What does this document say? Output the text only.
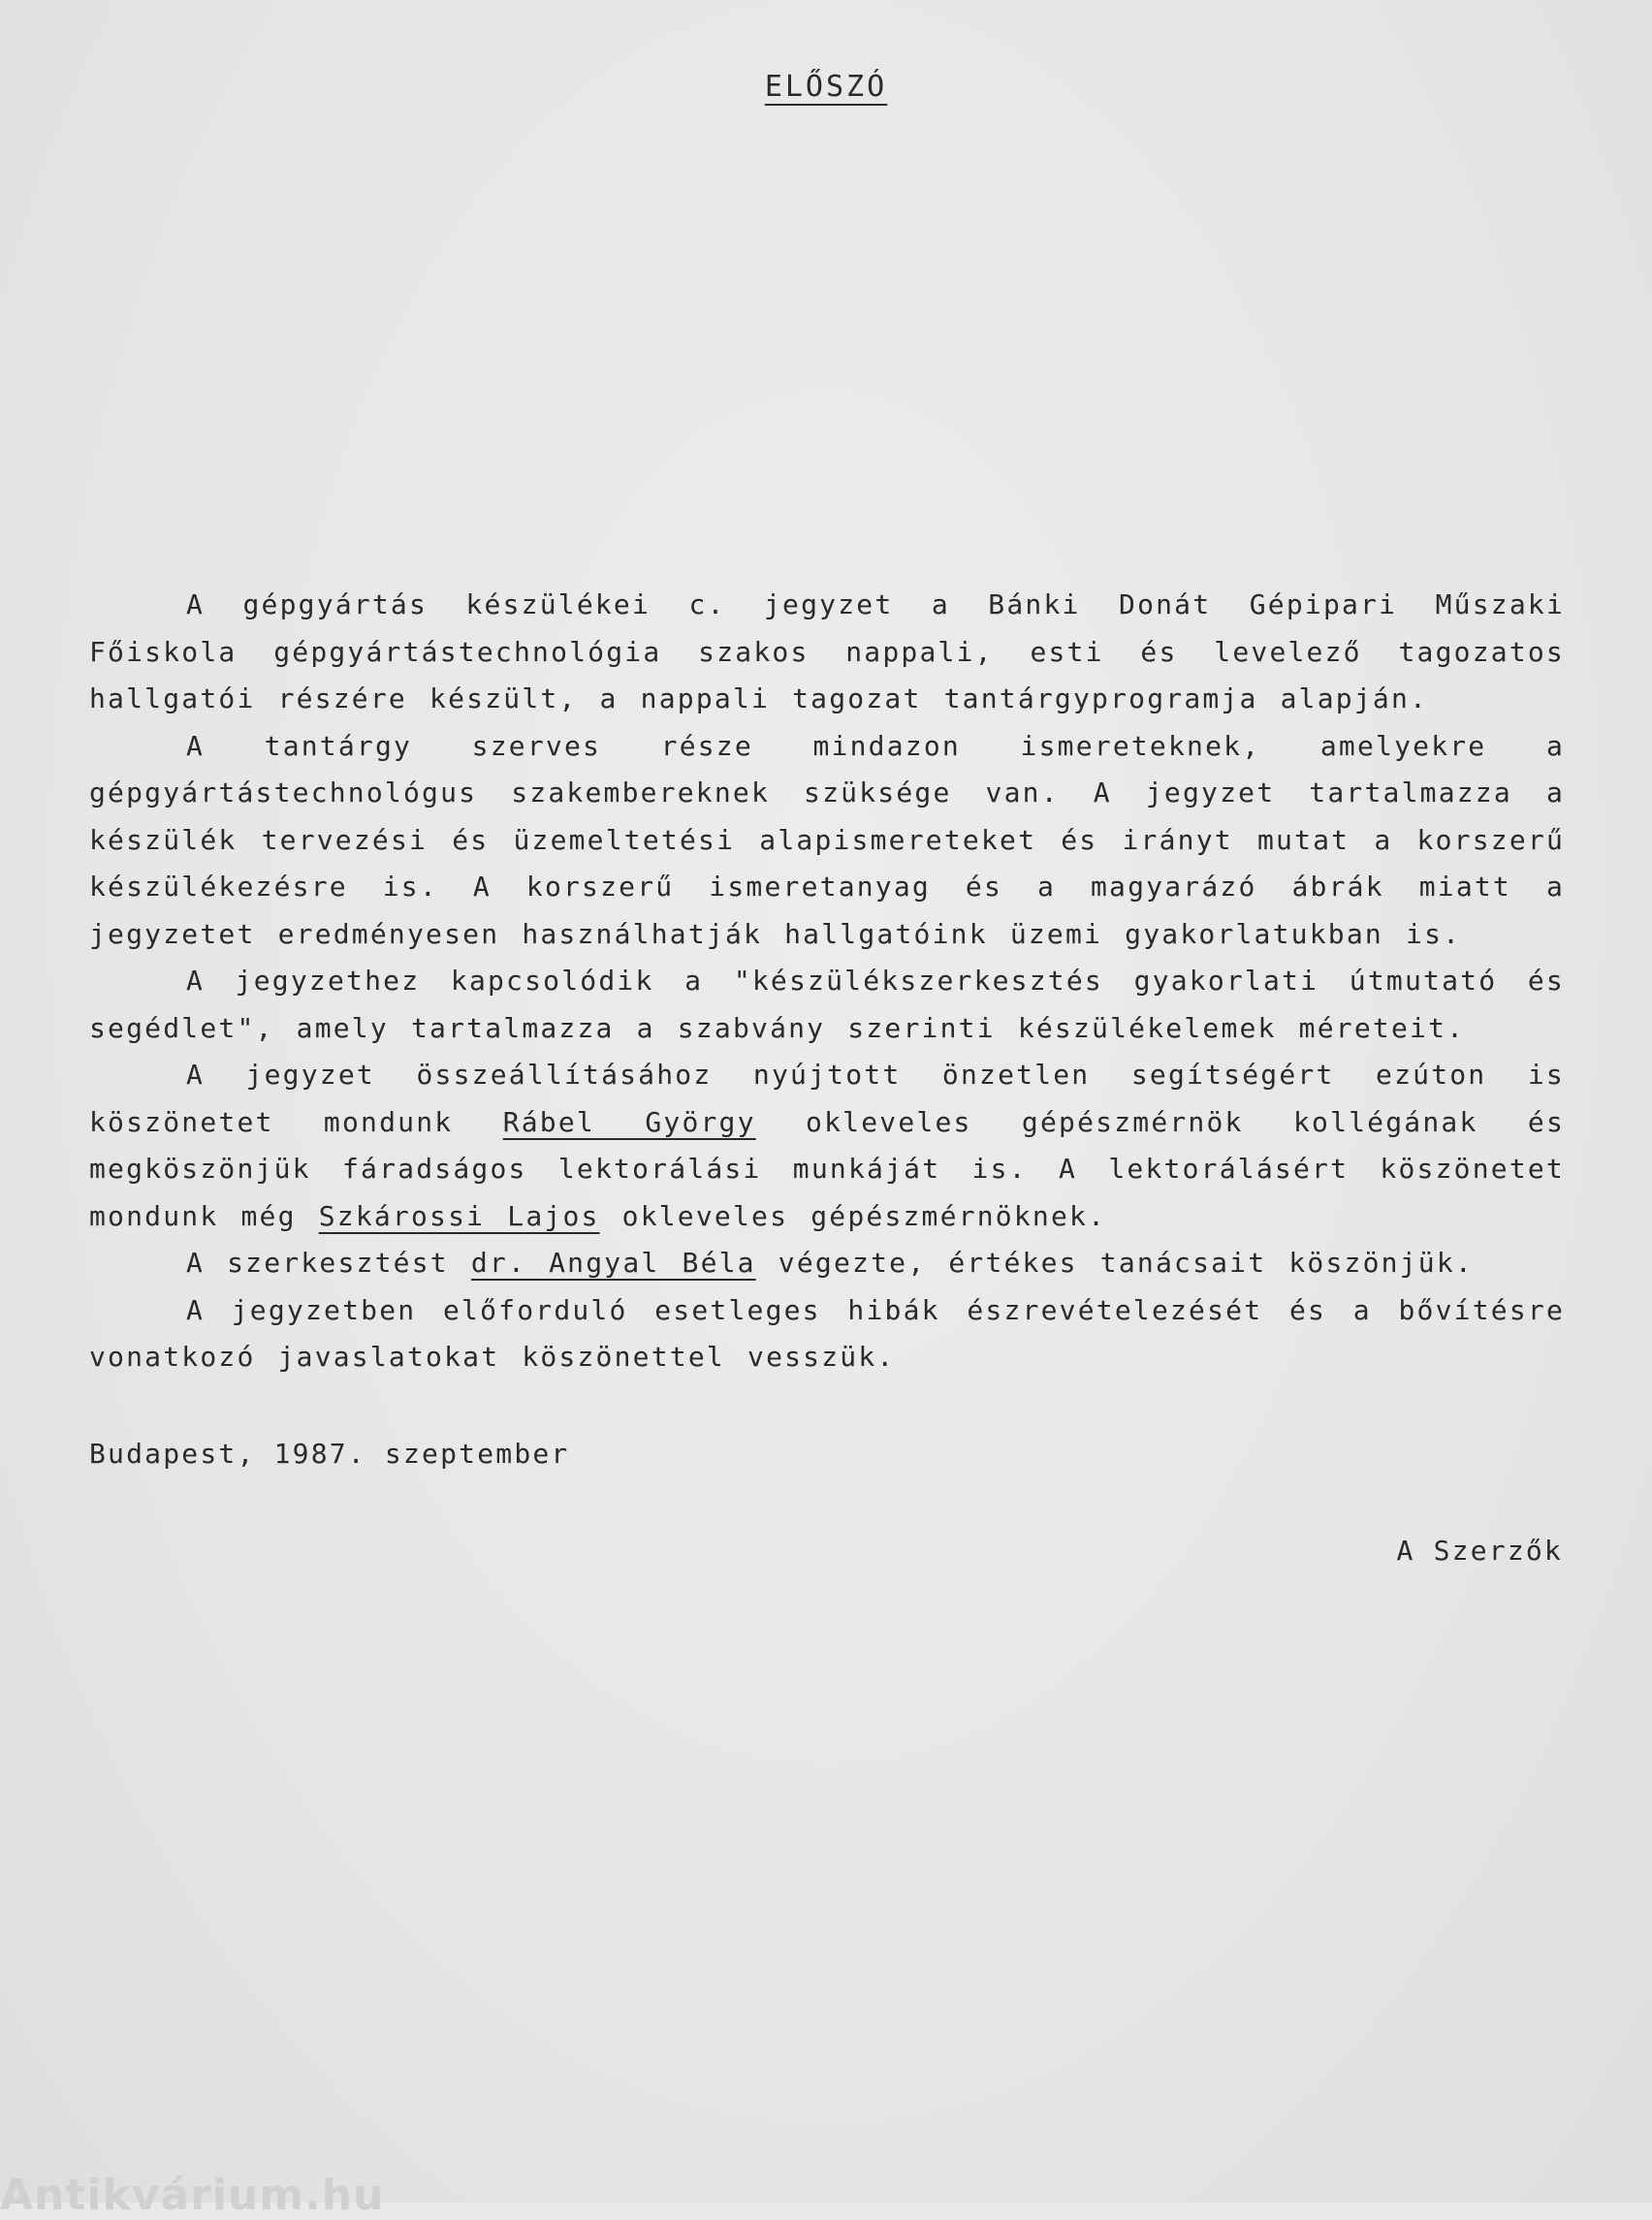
ELŐSZÓ

A gépgyártás készülékei c. jegyzet a Bánki Donát Gépipari Műszaki Főiskola gépgyártástechnológia szakos nappali, esti és levelező tagozatos hallgatói részére készült, a nappali tagozat tantárgyprogramja alapján.

A tantárgy szerves része mindazon ismereteknek, amelyekre a gépgyártástechnológus szakembereknek szüksége van. A jegyzet tartalmazza a készülék tervezési és üzemeltetési alapismereteket és irányt mutat a korszerű készülékezésre is. A korszerű ismeretanyag és a magyarázó ábrák miatt a jegyzetet eredményesen használhatják hallgatóink üzemi gyakorlatukban is.

A jegyzethez kapcsolódik a "készülékszerkesztés gyakorlati útmutató és segédlet", amely tartalmazza a szabvány szerinti készülékelemek méreteit.

A jegyzet összeállításához nyújtott önzetlen segítségért ezúton is köszönetet mondunk Rábel György okleveles gépészmérnök kollégának és megköszönjük fáradságos lektorálási munkáját is. A lektorálásért köszönetet mondunk még Szkárossi Lajos okleveles gépészmérnöknek.

A szerkesztést dr. Angyal Béla végezte, értékes tanácsait köszönjük.

A jegyzetben előforduló esetleges hibák észrevételezését és a bővítésre vonatkozó javaslatokat köszönettel vesszük.

Budapest, 1987. szeptember
A Szerzők
Antikvárium.hu
